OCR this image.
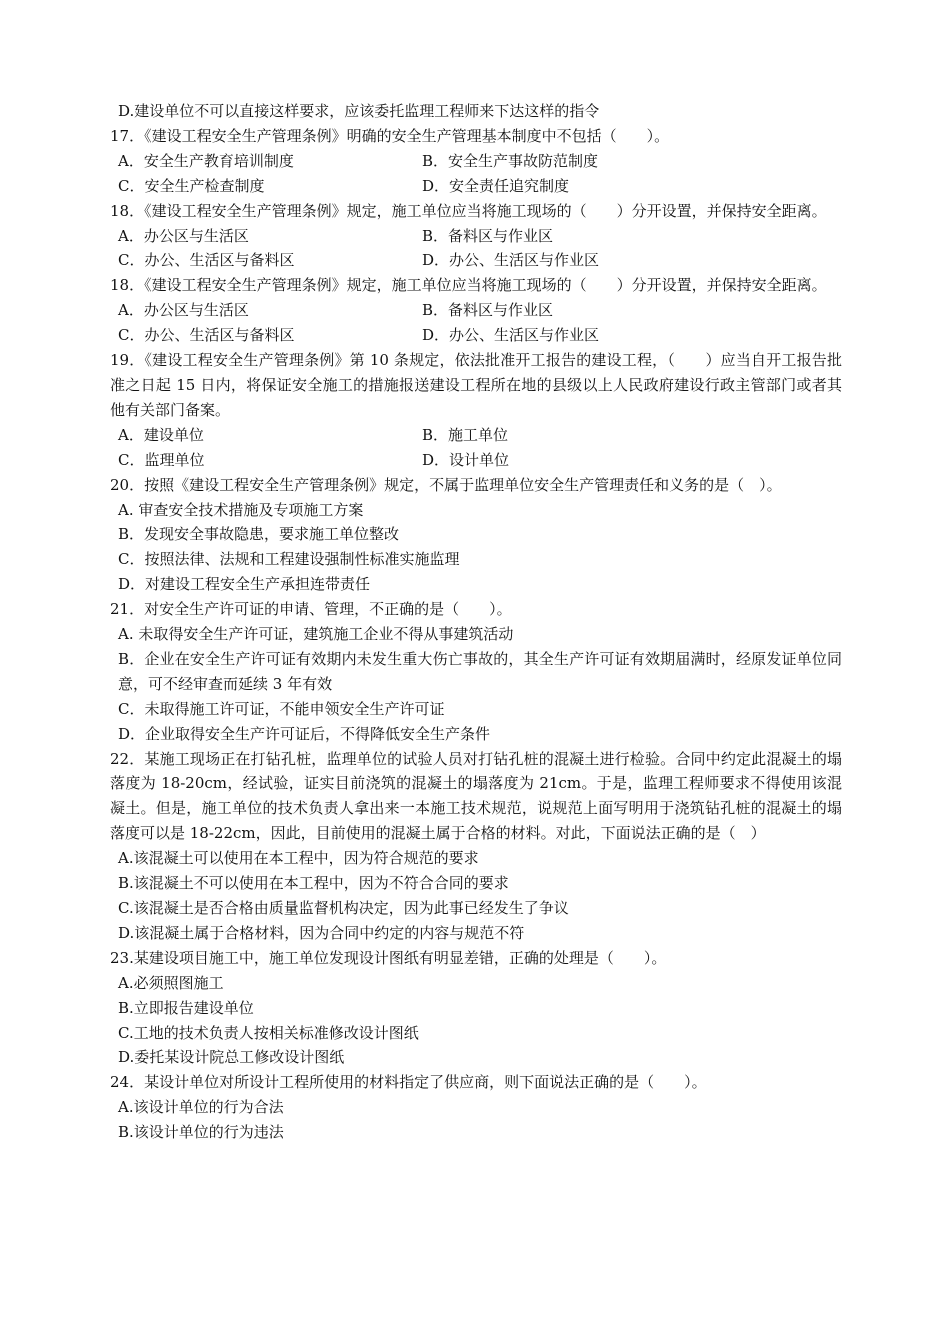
D.建设单位不可以直接这样要求，应该委托监理工程师来下达这样的指令
17．《建设工程安全生产管理条例》明确的安全生产管理基本制度中不包括（　　）。
A．安全生产教育培训制度	B．安全生产事故防范制度
C．安全生产检查制度	D．安全责任追究制度
18．《建设工程安全生产管理条例》规定，施工单位应当将施工现场的（　　）分开设置，并保持安全距离。
A．办公区与生活区	B．备料区与作业区
C．办公、生活区与备料区	D．办公、生活区与作业区
18．《建设工程安全生产管理条例》规定，施工单位应当将施工现场的（　　）分开设置，并保持安全距离。
A．办公区与生活区	B．备料区与作业区
C．办公、生活区与备料区	D．办公、生活区与作业区
19．《建设工程安全生产管理条例》第 10 条规定，依法批准开工报告的建设工程，（　　）应当自开工报告批准之日起 15 日内，将保证安全施工的措施报送建设工程所在地的县级以上人民政府建设行政主管部门或者其他有关部门备案。
A．建设单位	B．施工单位
C．监理单位	D．设计单位
20．按照《建设工程安全生产管理条例》规定，不属于监理单位安全生产管理责任和义务的是（　）。
A. 审查安全技术措施及专项施工方案
B．发现安全事故隐患，要求施工单位整改
C．按照法律、法规和工程建设强制性标准实施监理
D．对建设工程安全生产承担连带责任
21．对安全生产许可证的申请、管理，不正确的是（　　）。
A. 未取得安全生产许可证，建筑施工企业不得从事建筑活动
B．企业在安全生产许可证有效期内未发生重大伤亡事故的，其全生产许可证有效期届满时，经原发证单位同意，可不经审查而延续 3 年有效
C．未取得施工许可证，不能申领安全生产许可证
D．企业取得安全生产许可证后，不得降低安全生产条件
22．某施工现场正在打钻孔桩，监理单位的试验人员对打钻孔桩的混凝土进行检验。合同中约定此混凝土的塌落度为 18-20cm，经试验，证实目前浇筑的混凝土的塌落度为 21cm。于是，监理工程师要求不得使用该混凝土。但是，施工单位的技术负责人拿出来一本施工技术规范，说规范上面写明用于浇筑钻孔桩的混凝土的塌落度可以是 18-22cm，因此，目前使用的混凝土属于合格的材料。对此，下面说法正确的是（　）
A.该混凝土可以使用在本工程中，因为符合规范的要求
B.该混凝土不可以使用在本工程中，因为不符合合同的要求
C.该混凝土是否合格由质量监督机构决定，因为此事已经发生了争议
D.该混凝土属于合格材料，因为合同中约定的内容与规范不符
23.某建设项目施工中，施工单位发现设计图纸有明显差错，正确的处理是（　　）。
A.必须照图施工
B.立即报告建设单位
C.工地的技术负责人按相关标准修改设计图纸
D.委托某设计院总工修改设计图纸
24．某设计单位对所设计工程所使用的材料指定了供应商，则下面说法正确的是（　　）。
A.该设计单位的行为合法
B.该设计单位的行为违法
